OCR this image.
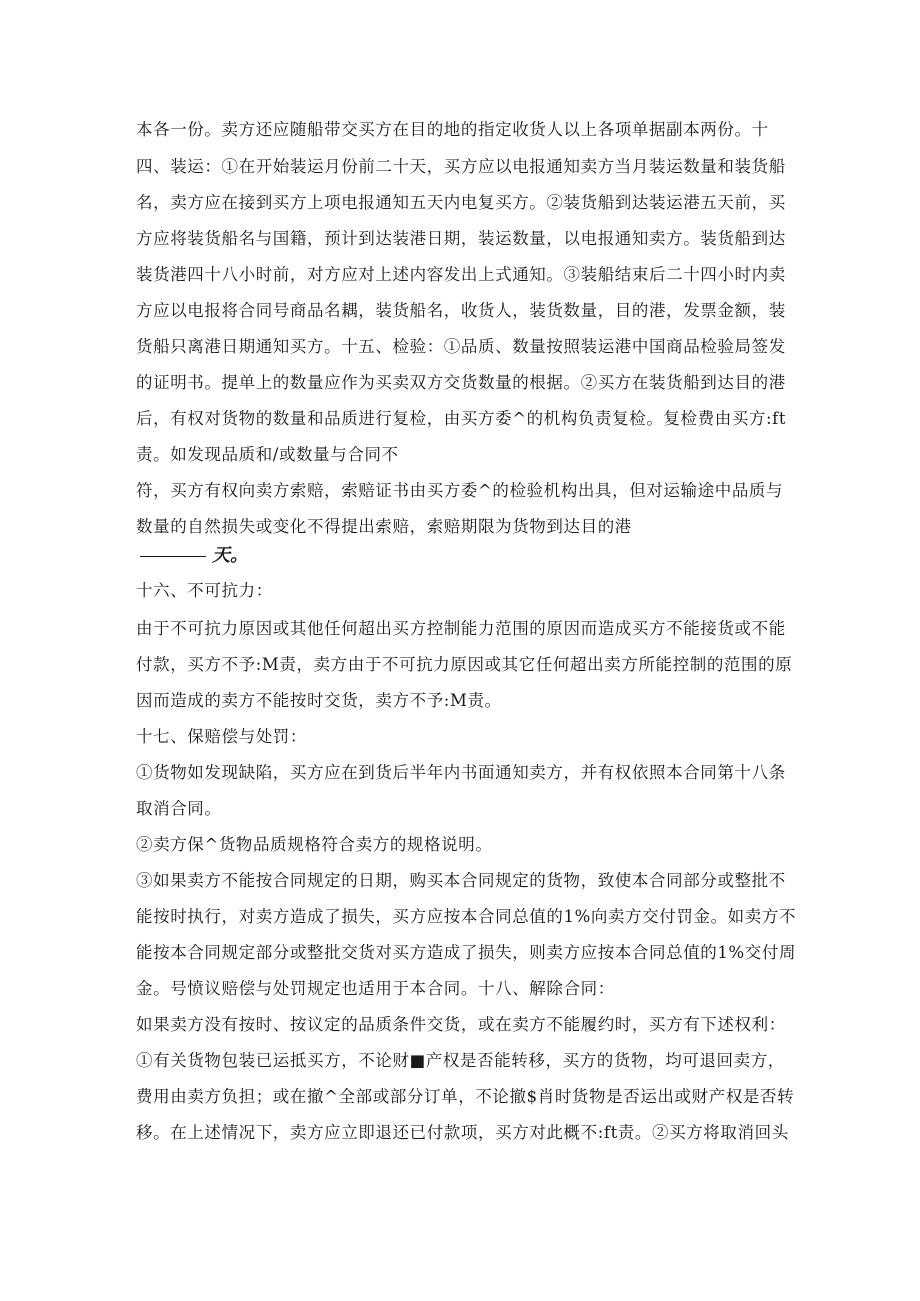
本各一份。卖方还应随船带交买方在目的地的指定收货人以上各项单据副本两份。十
四、装运：①在开始装运月份前二十天，买方应以电报通知卖方当月装运数量和装货船
名，卖方应在接到买方上项电报通知五天内电复买方。②装货船到达装运港五天前，买
方应将装货船名与国籍，预计到达装港日期，装运数量，以电报通知卖方。装货船到达
装货港四十八小时前，对方应对上述内容发出上式通知。③装船结束后二十四小时内卖
方应以电报将合同号商品名耦，装货船名，收货人，装货数量，目的港，发票金额，装
货船只离港日期通知买方。十五、检验：①品质、数量按照装运港中国商品检验局签发
的证明书。提单上的数量应作为买卖双方交货数量的根据。②买方在装货船到达目的港
后，有权对货物的数量和品质进行复检，由买方委^的机构负责复检。复检费由买方:ft
责。如发现品质和/或数量与合同不
符，买方有权向卖方索赔，索赔证书由买方委^的检验机构出具，但对运输途中品质与
数量的自然损失或变化不得提出索赔，索赔期限为货物到达目的港
天。
十六、不可抗力：
由于不可抗力原因或其他任何超出买方控制能力范围的原因而造成买方不能接货或不能
付款，买方不予:M责，卖方由于不可抗力原因或其它任何超出卖方所能控制的范围的原
因而造成的卖方不能按时交货，卖方不予:M责。
十七、保赔偿与处罚：
①货物如发现缺陷，买方应在到货后半年内书面通知卖方，并有权依照本合同第十八条
取消合同。
②卖方保^货物品质规格符合卖方的规格说明。
③如果卖方不能按合同规定的日期，购买本合同规定的货物，致使本合同部分或整批不
能按时执行，对卖方造成了损失，买方应按本合同总值的1%向卖方交付罚金。如卖方不
能按本合同规定部分或整批交货对买方造成了损失，则卖方应按本合同总值的1%交付周
金。号愤议赔偿与处罚规定也适用于本合同。十八、解除合同：
如果卖方没有按时、按议定的品质条件交货，或在卖方不能履约时，买方有下述权利：
①有关货物包装已运抵买方，不论财■产权是否能转移，买方的货物，均可退回卖方，
费用由卖方负担；或在撤^全部或部分订单，不论撤$肖时货物是否运出或财产权是否转
移。在上述情况下，卖方应立即退还已付款项，买方对此概不:ft责。②买方将取消回头
